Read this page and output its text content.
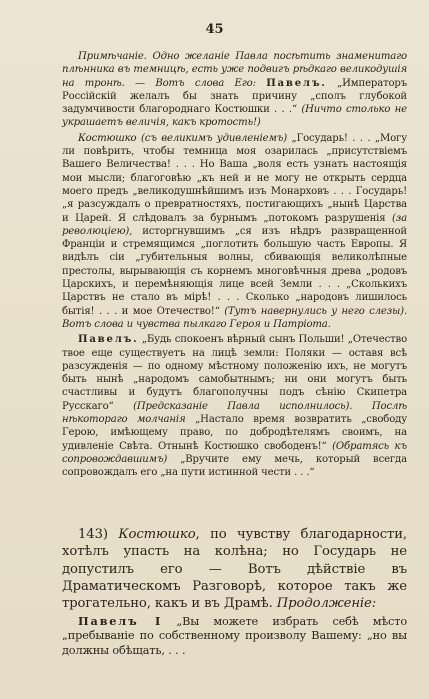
45

Примѣчаніе. Одно желаніе Павла посѣтить знаменитаго плѣнника въ темницѣ, есть уже подвигъ рѣдкаго великодушія на тронѣ. — Вотъ слова Его: Павелъ. „Императоръ Россійскій желалъ бы знать причину „сполъ глубокой задумчивости благороднаго Костюшки . . .“ (Ничто столько не украшаетъ величія, какъ кротость!)

Костюшко (съ великимъ удивленіемъ) „Государь! . . . „Могу ли повѣрить, чтобы темница моя озарилась „присутствіемъ Вашего Величества! . . . Но Ваша „воля есть узнать настоящія мои мысли; благоговѣю „къ ней и не могу не открыть сердца моего предъ „великодушнѣйшимъ изъ Монарховъ . . . Государь! „я разсуждалъ о превратностяхъ, постигающихъ „нынѣ Царства и Царей. Я слѣдовалъ за бурнымъ „потокомъ разрушенія (за революціею), исторгнувшимъ „ся изъ нѣдръ развращенной Франціи и стремящимся „поглотить большую часть Европы. Я видѣлъ сіи „губительныя волны, сбивающія великолѣпные престолы, вырывающія съ корнемъ многовѣчныя древа „родовъ Царскихъ, и перемѣняющія лице всей Земли . . . „Сколькихъ Царствъ не стало въ мірѣ! . . . Сколько „народовъ лишилось бытія! . . . и мое Отечество!“ (Тутъ навернулись у него слезы). Вотъ слова и чувства пылкаго Героя и Патріота.

Павелъ. „Будь спокоенъ вѣрный сынъ Польши! „Отечество твое еще существуетъ на лицѣ земли: Поляки — оставя всѣ разсужденія — по одному мѣстному положенію ихъ, не могутъ быть нынѣ „народомъ самобытнымъ; ни они могутъ быть счастливы и будутъ благополучны подъ сѣнію Скипетра Русскаго“ (Предсказаніе Павла исполнилось). Послѣ нѣкотораго молчанія „Настало время возвратить „свободу Герою, имѣющему право, по добродѣтелямъ своимъ, на удивленіе Свѣта. Отнынѣ Костюшко свободенъ!“ (Обратясь къ сопровождавшимъ) „Вручите ему мечь, который всегда сопровождалъ его „на пути истинной чести . . .“

143) Костюшко, по чувству благодарности, хотѣлъ упасть на колѣна; но Государь не допустилъ его — Вотъ дѣйствіе въ Драматическомъ Разговорѣ, которое такъ же трогательно, какъ и въ Драмѣ. Продолженіе:

Павелъ I „Вы можете избрать себѣ мѣсто „пребываніе по собственному произволу Вашему: „но вы должны обѣщать, . . .
